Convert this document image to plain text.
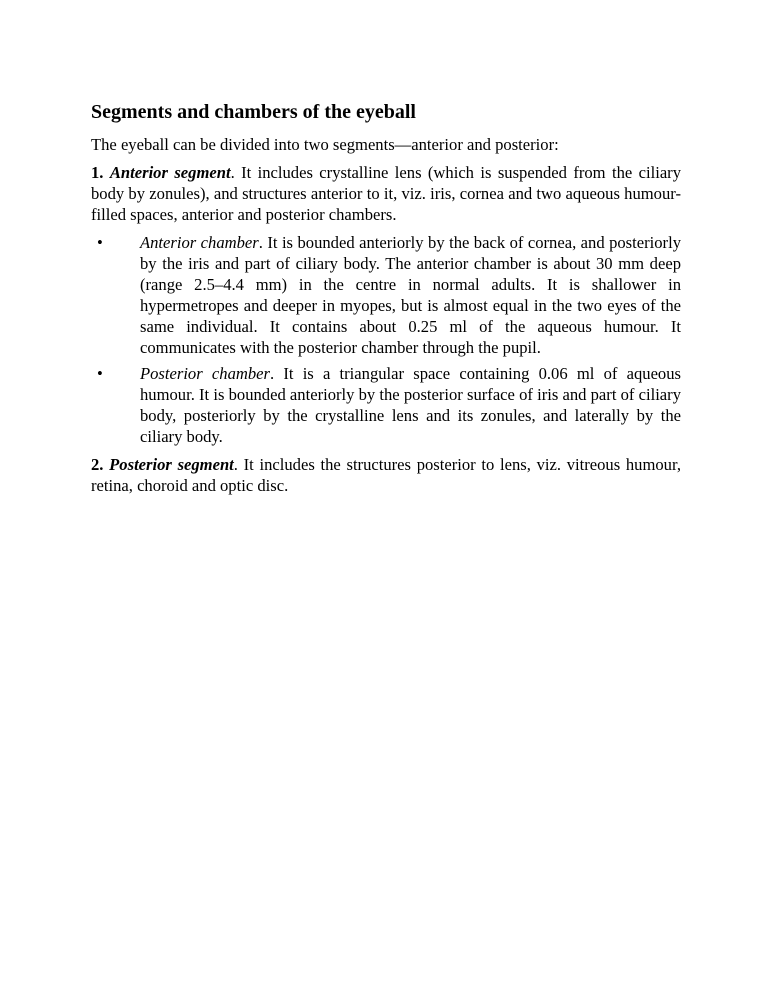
Segments and chambers of the eyeball

The eyeball can be divided into two segments—anterior and posterior:

1. Anterior segment. It includes crystalline lens (which is suspended from the ciliary body by zonules), and structures anterior to it, viz. iris, cornea and two aqueous humour-filled spaces, anterior and posterior chambers.

• Anterior chamber. It is bounded anteriorly by the back of cornea, and posteriorly by the iris and part of ciliary body. The anterior chamber is about 30 mm deep (range 2.5–4.4 mm) in the centre in normal adults. It is shallower in hypermetropes and deeper in myopes, but is almost equal in the two eyes of the same individual. It contains about 0.25 ml of the aqueous humour. It communicates with the posterior chamber through the pupil.
• Posterior chamber. It is a triangular space containing 0.06 ml of aqueous humour. It is bounded anteriorly by the posterior surface of iris and part of ciliary body, posteriorly by the crystalline lens and its zonules, and laterally by the ciliary body.

2. Posterior segment. It includes the structures posterior to lens, viz. vitreous humour, retina, choroid and optic disc.
